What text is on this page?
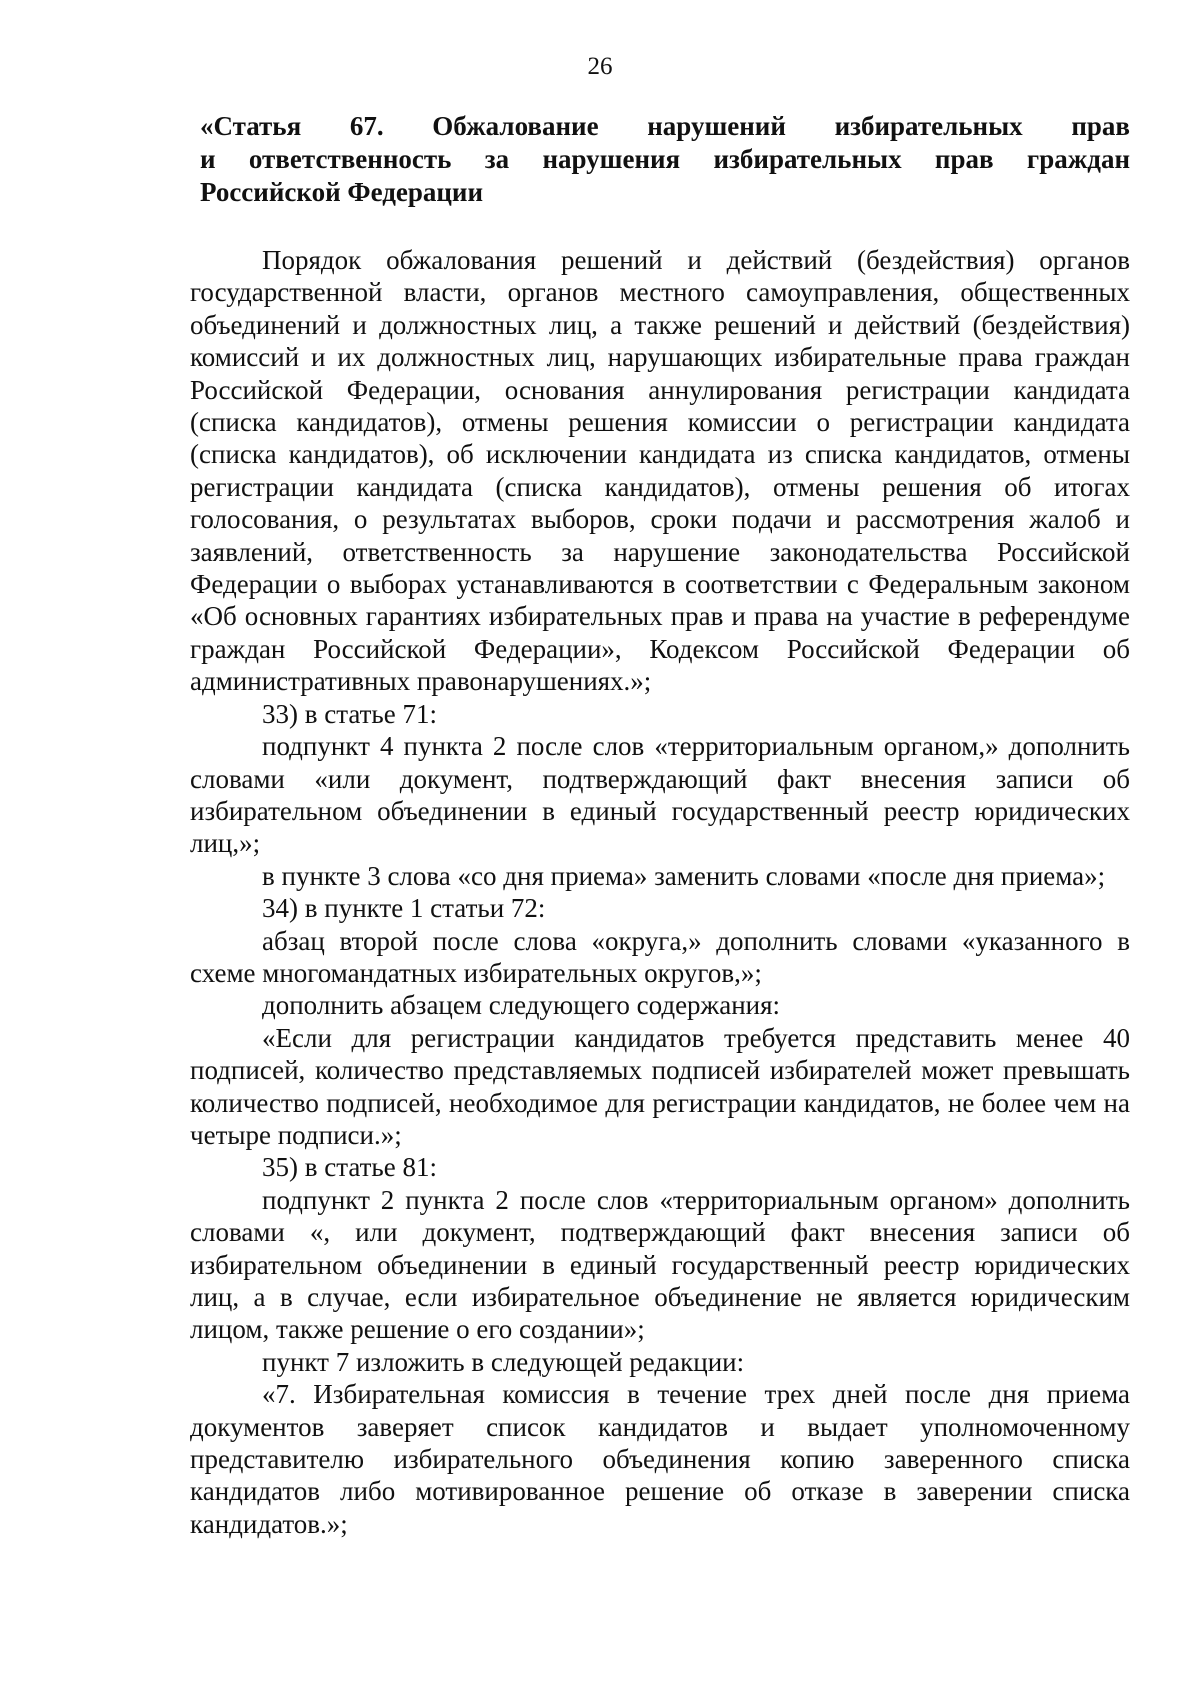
26
«Статья 67. Обжалование нарушений избирательных прав
и ответственность за нарушения избирательных прав граждан
Российской Федерации

Порядок обжалования решений и действий (бездействия) органов государственной власти, органов местного самоуправления, общественных объединений и должностных лиц, а также решений и действий (бездействия) комиссий и их должностных лиц, нарушающих избирательные права граждан Российской Федерации, основания аннулирования регистрации кандидата (списка кандидатов), отмены решения комиссии о регистрации кандидата (списка кандидатов), об исключении кандидата из списка кандидатов, отмены регистрации кандидата (списка кандидатов), отмены решения об итогах голосования, о результатах выборов, сроки подачи и рассмотрения жалоб и заявлений, ответственность за нарушение законодательства Российской Федерации о выборах устанавливаются в соответствии с Федеральным законом «Об основных гарантиях избирательных прав и права на участие в референдуме граждан Российской Федерации», Кодексом Российской Федерации об административных правонарушениях.»;

33) в статье 71:

подпункт 4 пункта 2 после слов «территориальным органом,» дополнить словами «или документ, подтверждающий факт внесения записи об избирательном объединении в единый государственный реестр юридических лиц,»;

в пункте 3 слова «со дня приема» заменить словами «после дня приема»;

34) в пункте 1 статьи 72:

абзац второй после слова «округа,» дополнить словами «указанного в схеме многомандатных избирательных округов,»;

дополнить абзацем следующего содержания:

«Если для регистрации кандидатов требуется представить менее 40 подписей, количество представляемых подписей избирателей может превышать количество подписей, необходимое для регистрации кандидатов, не более чем на четыре подписи.»;

35) в статье 81:

подпункт 2 пункта 2 после слов «территориальным органом» дополнить словами «, или документ, подтверждающий факт внесения записи об избирательном объединении в единый государственный реестр юридических лиц, а в случае, если избирательное объединение не является юридическим лицом, также решение о его создании»;

пункт 7 изложить в следующей редакции:

«7. Избирательная комиссия в течение трех дней после дня приема документов заверяет список кандидатов и выдает уполномоченному представителю избирательного объединения копию заверенного списка кандидатов либо мотивированное решение об отказе в заверении списка кандидатов.»;
